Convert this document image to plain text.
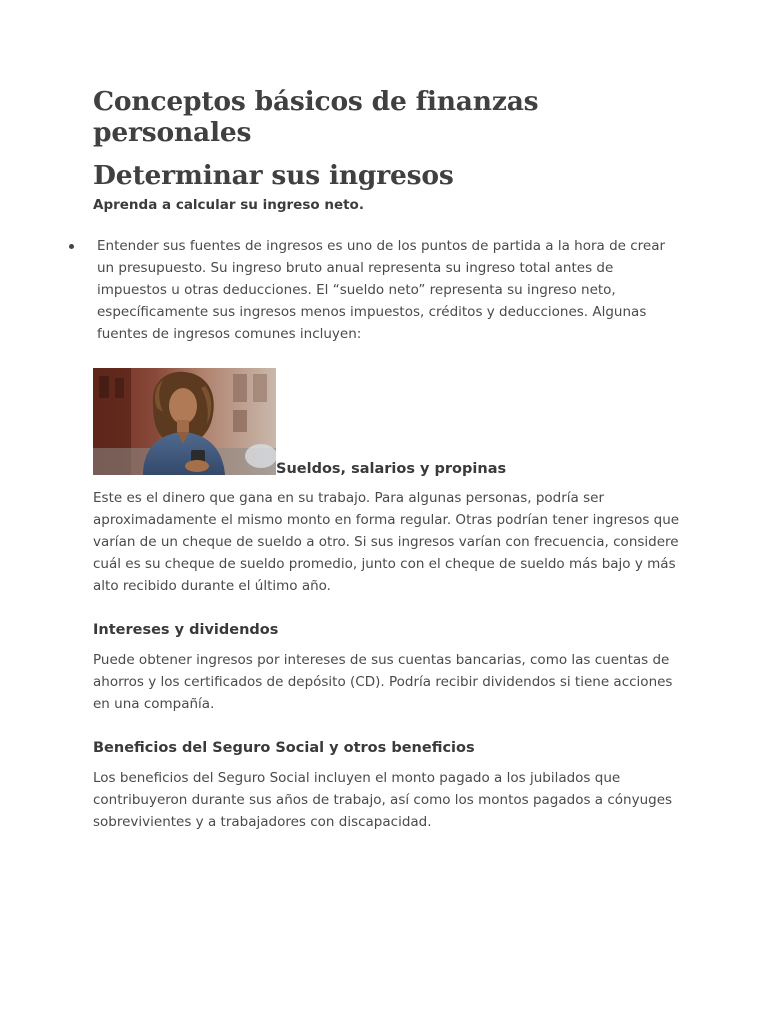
Conceptos básicos de finanzas personales
Determinar sus ingresos

Aprenda a calcular su ingreso neto.

Entender sus fuentes de ingresos es uno de los puntos de partida a la hora de crear un presupuesto. Su ingreso bruto anual representa su ingreso total antes de impuestos u otras deducciones. El “sueldo neto” representa su ingreso neto, específicamente sus ingresos menos impuestos, créditos y deducciones. Algunas fuentes de ingresos comunes incluyen:
Sueldos, salarios y propinas

Este es el dinero que gana en su trabajo. Para algunas personas, podría ser aproximadamente el mismo monto en forma regular. Otras podrían tener ingresos que varían de un cheque de sueldo a otro. Si sus ingresos varían con frecuencia, considere cuál es su cheque de sueldo promedio, junto con el cheque de sueldo más bajo y más alto recibido durante el último año.

Intereses y dividendos

Puede obtener ingresos por intereses de sus cuentas bancarias, como las cuentas de ahorros y los certificados de depósito (CD). Podría recibir dividendos si tiene acciones en una compañía.

Beneficios del Seguro Social y otros beneficios

Los beneficios del Seguro Social incluyen el monto pagado a los jubilados que contribuyeron durante sus años de trabajo, así como los montos pagados a cónyuges sobrevivientes y a trabajadores con discapacidad.
